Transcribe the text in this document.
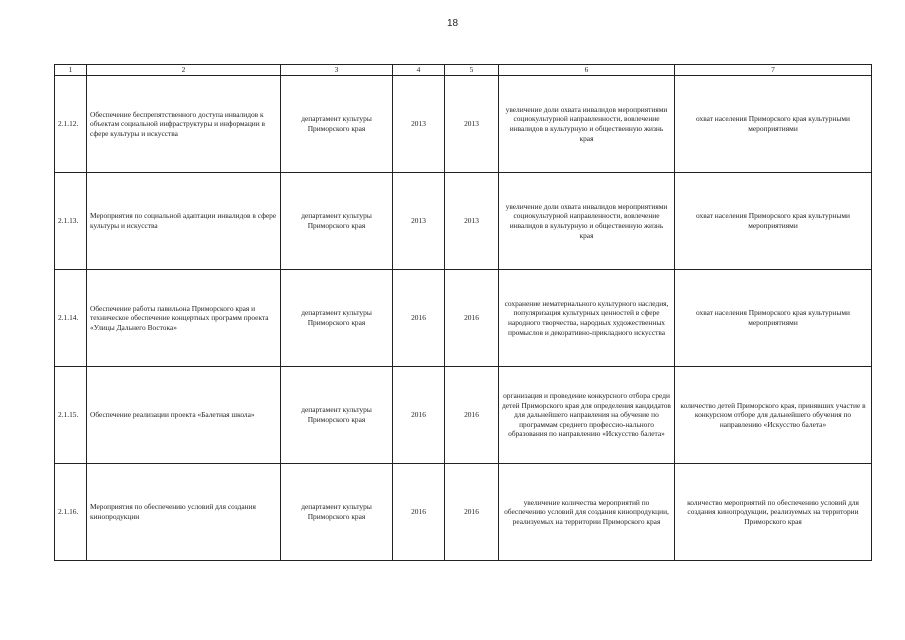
18
1	2	3	4	5	6	7
2.1.12.	Обеспечение беспрепятственного доступа инвалидов к объектам социальной инфраструктуры и информации в сфере культуры и искусства	департамент культуры Приморского края	2013	2013	увеличение доли охвата инвалидов мероприятиями социокультурной направленности, вовлечение инвалидов в культурную и общественную жизнь края	охват населения Приморского края культурными мероприятиями
2.1.13.	Мероприятия по социальной адаптации инвалидов в сфере культуры и искусства	департамент культуры Приморского края	2013	2013	увеличение доли охвата инвалидов мероприятиями социокультурной направленности, вовлечение инвалидов в культурную и общественную жизнь края	охват населения Приморского края культурными мероприятиями
2.1.14.	Обеспечение работы павильона Приморского края и техническое обеспечение концертных программ проекта «Улицы Дальнего Востока»	департамент культуры Приморского края	2016	2016	сохранение нематериального культурного наследия, популяризация культурных ценностей в сфере народного творчества, народных художественных промыслов и декоративно-прикладного искусства	охват населения Приморского края культурными мероприятиями
2.1.15.	Обеспечение реализации проекта «Балетная школа»	департамент культуры Приморского края	2016	2016	организация и проведение конкурсного отбора среди детей Приморского края для определения кандидатов для дальнейшего направления на обучение по программам среднего профессио-нального образования по направлению «Искусство балета»	количество детей Приморского края, принявших участие в конкурсном отборе для дальнейшего обучения по направлению «Искусство балета»
2.1.16.	Мероприятия по обеспечению условий для создания кинопродукции	департамент культуры Приморского края	2016	2016	увеличение количества мероприятий по обеспечению условий для создания кинопродукции, реализуемых на территории Приморского края	количество мероприятий по обеспечению условий для создания кинопродукции, реализуемых на территории Приморского края
